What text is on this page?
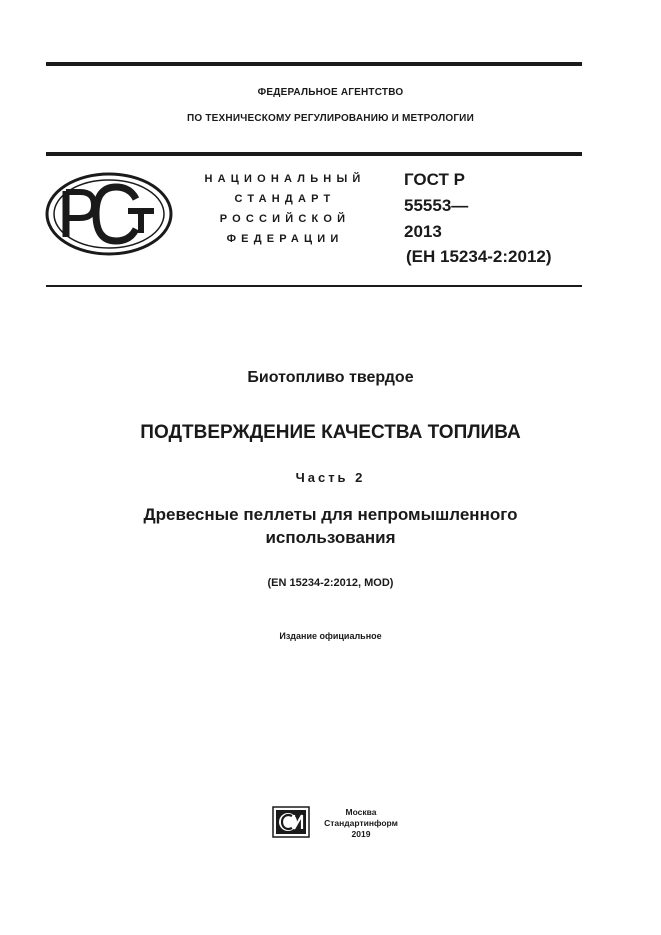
ФЕДЕРАЛЬНОЕ АГЕНТСТВО
ПО ТЕХНИЧЕСКОМУ РЕГУЛИРОВАНИЮ И МЕТРОЛОГИИ
НАЦИОНАЛЬНЫЙ
СТАНДАРТ
РОССИЙСКОЙ
ФЕДЕРАЦИИ
ГОСТ Р
55553—
2013
(ЕН 15234-2:2012)
Биотопливо твердое
ПОДТВЕРЖДЕНИЕ КАЧЕСТВА ТОПЛИВА
Часть 2
Древесные пеллеты для непромышленного
использования
(EN 15234-2:2012, MOD)
Издание официальное
Москва
Стандартинформ
2019
